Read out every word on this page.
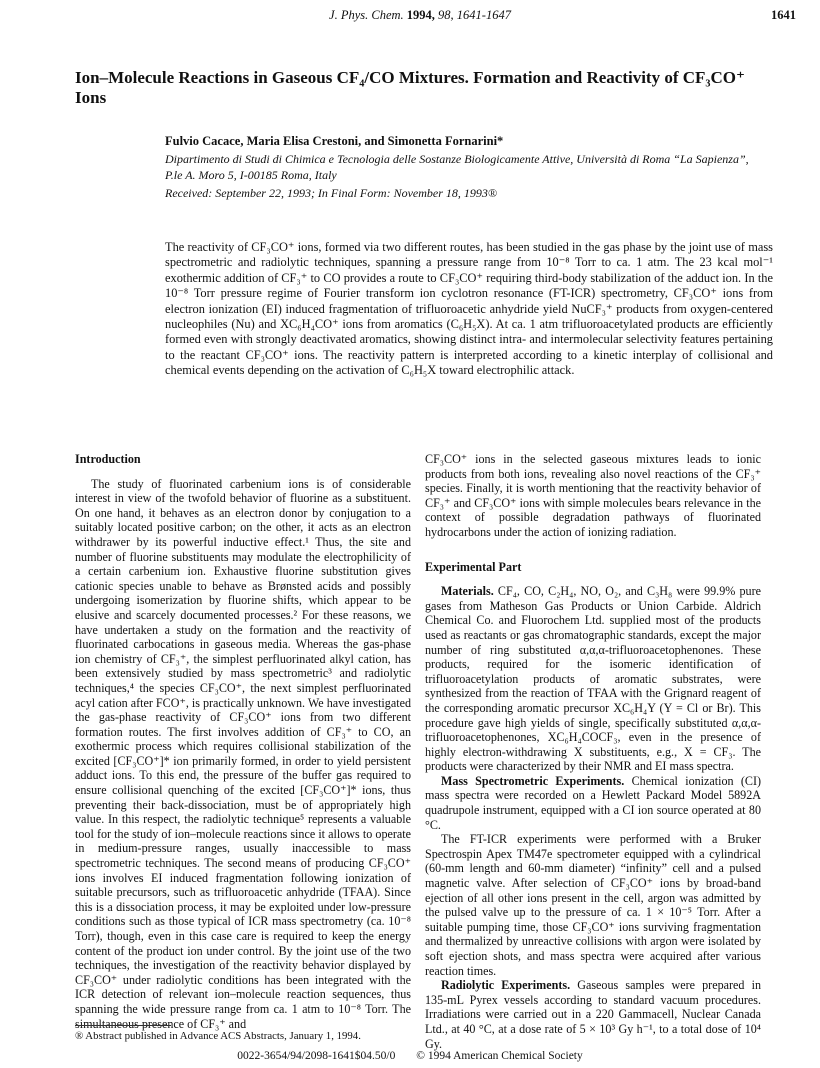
J. Phys. Chem. 1994, 98, 1641-1647	1641
Ion–Molecule Reactions in Gaseous CF₄/CO Mixtures. Formation and Reactivity of CF₃CO⁺ Ions
Fulvio Cacace, Maria Elisa Crestoni, and Simonetta Fornarini*
Dipartimento di Studi di Chimica e Tecnologia delle Sostanze Biologicamente Attive, Università di Roma “La Sapienza”, P.le A. Moro 5, I-00185 Roma, Italy
Received: September 22, 1993; In Final Form: November 18, 1993®
The reactivity of CF₃CO⁺ ions, formed via two different routes, has been studied in the gas phase by the joint use of mass spectrometric and radiolytic techniques, spanning a pressure range from 10⁻⁸ Torr to ca. 1 atm. The 23 kcal mol⁻¹ exothermic addition of CF₃⁺ to CO provides a route to CF₃CO⁺ requiring third-body stabilization of the adduct ion. In the 10⁻⁸ Torr pressure regime of Fourier transform ion cyclotron resonance (FT-ICR) spectrometry, CF₃CO⁺ ions from electron ionization (EI) induced fragmentation of trifluoroacetic anhydride yield NuCF₃⁺ products from oxygen-centered nucleophiles (Nu) and XC₆H₄CO⁺ ions from aromatics (C₆H₅X). At ca. 1 atm trifluoroacetylated products are efficiently formed even with strongly deactivated aromatics, showing distinct intra- and intermolecular selectivity features pertaining to the reactant CF₃CO⁺ ions. The reactivity pattern is interpreted according to a kinetic interplay of collisional and chemical events depending on the activation of C₆H₅X toward electrophilic attack.
Introduction

The study of fluorinated carbenium ions is of considerable interest in view of the twofold behavior of fluorine as a substituent. On one hand, it behaves as an electron donor by conjugation to a suitably located positive carbon; on the other, it acts as an electron withdrawer by its powerful inductive effect.¹ Thus, the site and number of fluorine substituents may modulate the electrophilicity of a certain carbenium ion. Exhaustive fluorine substitution gives cationic species unable to behave as Brønsted acids and possibly undergoing isomerization by fluorine shifts, which appear to be elusive and scarcely documented processes.² For these reasons, we have undertaken a study on the formation and the reactivity of fluorinated carbocations in gaseous media. Whereas the gas-phase ion chemistry of CF₃⁺, the simplest perfluorinated alkyl cation, has been extensively studied by mass spectrometric³ and radiolytic techniques,⁴ the species CF₃CO⁺, the next simplest perfluorinated acyl cation after FCO⁺, is practically unknown. We have investigated the gas-phase reactivity of CF₃CO⁺ ions from two different formation routes. The first involves addition of CF₃⁺ to CO, an exothermic process which requires collisional stabilization of the excited [CF₃CO⁺]* ion primarily formed, in order to yield persistent adduct ions. To this end, the pressure of the buffer gas required to ensure collisional quenching of the excited [CF₃CO⁺]* ions, thus preventing their back-dissociation, must be of appropriately high value. In this respect, the radiolytic technique⁵ represents a valuable tool for the study of ion–molecule reactions since it allows to operate in medium-pressure ranges, usually inaccessible to mass spectrometric techniques. The second means of producing CF₃CO⁺ ions involves EI induced fragmentation following ionization of suitable precursors, such as trifluoroacetic anhydride (TFAA). Since this is a dissociation process, it may be exploited under low-pressure conditions such as those typical of ICR mass spectrometry (ca. 10⁻⁸ Torr), though, even in this case care is required to keep the energy content of the product ion under control. By the joint use of the two techniques, the investigation of the reactivity behavior displayed by CF₃CO⁺ under radiolytic conditions has been integrated with the ICR detection of relevant ion–molecule reaction sequences, thus spanning the wide pressure range from ca. 1 atm to 10⁻⁸ Torr. The simultaneous presence of CF₃⁺ and

CF₃CO⁺ ions in the selected gaseous mixtures leads to ionic products from both ions, revealing also novel reactions of the CF₃⁺ species. Finally, it is worth mentioning that the reactivity behavior of CF₃⁺ and CF₃CO⁺ ions with simple molecules bears relevance in the context of possible degradation pathways of fluorinated hydrocarbons under the action of ionizing radiation.

Experimental Part

Materials. CF₄, CO, C₂H₄, NO, O₂, and C₃H₈ were 99.9% pure gases from Matheson Gas Products or Union Carbide. Aldrich Chemical Co. and Fluorochem Ltd. supplied most of the products used as reactants or gas chromatographic standards, except the major number of ring substituted α,α,α-trifluoroacetophenones. These products, required for the isomeric identification of trifluoroacetylation products of aromatic substrates, were synthesized from the reaction of TFAA with the Grignard reagent of the corresponding aromatic precursor XC₆H₄Y (Y = Cl or Br). This procedure gave high yields of single, specifically substituted α,α,α-trifluoroacetophenones, XC₆H₄COCF₃, even in the presence of highly electron-withdrawing X substituents, e.g., X = CF₃. The products were characterized by their NMR and EI mass spectra.

Mass Spectrometric Experiments. Chemical ionization (CI) mass spectra were recorded on a Hewlett Packard Model 5892A quadrupole instrument, equipped with a CI ion source operated at 80 °C.

The FT-ICR experiments were performed with a Bruker Spectrospin Apex TM47e spectrometer equipped with a cylindrical (60-mm length and 60-mm diameter) “infinity” cell and a pulsed magnetic valve. After selection of CF₃CO⁺ ions by broad-band ejection of all other ions present in the cell, argon was admitted by the pulsed valve up to the pressure of ca. 1 × 10⁻⁵ Torr. After a suitable pumping time, those CF₃CO⁺ ions surviving fragmentation and thermalized by unreactive collisions with argon were isolated by soft ejection shots, and mass spectra were acquired after various reaction times.

Radiolytic Experiments. Gaseous samples were prepared in 135-mL Pyrex vessels according to standard vacuum procedures. Irradiations were carried out in a 220 Gammacell, Nuclear Canada Ltd., at 40 °C, at a dose rate of 5 × 10³ Gy h⁻¹, to a total dose of 10⁴ Gy.

® Abstract published in Advance ACS Abstracts, January 1, 1994.
0022-3654/94/2098-1641$04.50/0 © 1994 American Chemical Society
